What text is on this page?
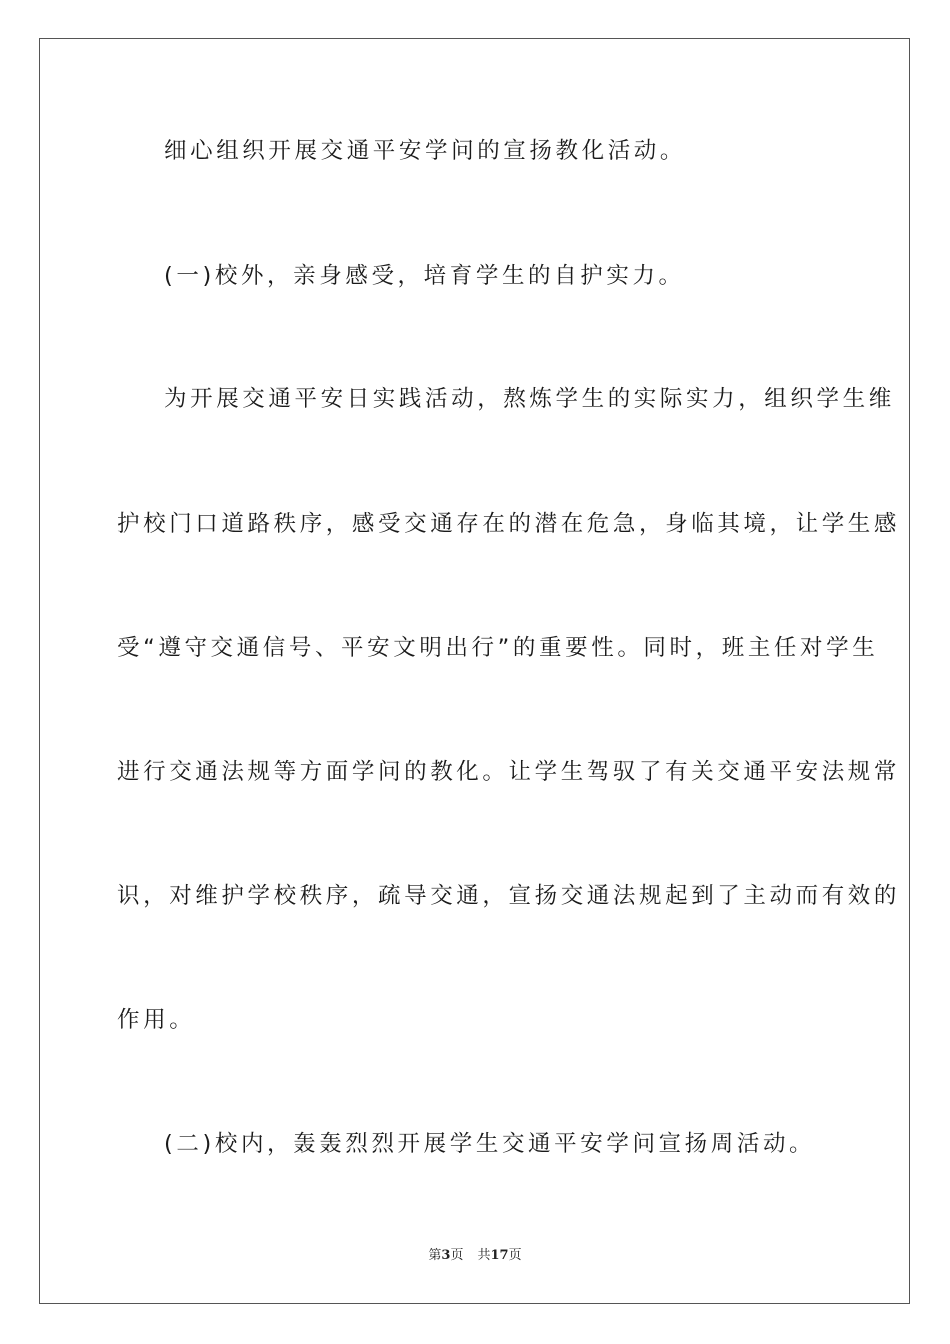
细心组织开展交通平安学问的宣扬教化活动。
(一)校外，亲身感受，培育学生的自护实力。
为开展交通平安日实践活动，熬炼学生的实际实力，组织学生维
护校门口道路秩序，感受交通存在的潜在危急，身临其境，让学生感
受“遵守交通信号、平安文明出行”的重要性。同时，班主任对学生
进行交通法规等方面学问的教化。让学生驾驭了有关交通平安法规常
识，对维护学校秩序，疏导交通，宣扬交通法规起到了主动而有效的
作用。
(二)校内，轰轰烈烈开展学生交通平安学问宣扬周活动。
第3页 共17页
